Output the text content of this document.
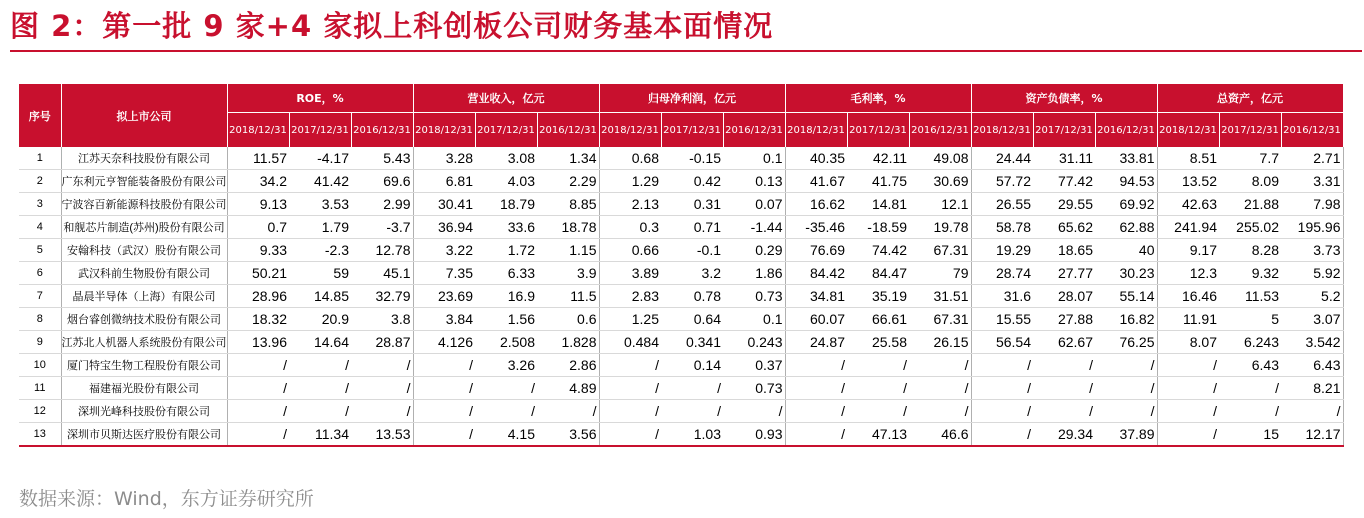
图 2：第一批 9 家+4 家拟上科创板公司财务基本面情况
序号	拟上市公司	ROE，%			营业收入，亿元			归母净利润，亿元			毛利率，%			资产负债率，%			总资产，亿元		
		2018/12/31	2017/12/31	2016/12/31	2018/12/31	2017/12/31	2016/12/31	2018/12/31	2017/12/31	2016/12/31	2018/12/31	2017/12/31	2016/12/31	2018/12/31	2017/12/31	2016/12/31	2018/12/31	2017/12/31	2016/12/31
1	江苏天奈科技股份有限公司	11.57	-4.17	5.43	3.28	3.08	1.34	0.68	-0.15	0.1	40.35	42.11	49.08	24.44	31.11	33.81	8.51	7.7	2.71
2	广东利元亨智能装备股份有限公司	34.2	41.42	69.6	6.81	4.03	2.29	1.29	0.42	0.13	41.67	41.75	30.69	57.72	77.42	94.53	13.52	8.09	3.31
3	宁波容百新能源科技股份有限公司	9.13	3.53	2.99	30.41	18.79	8.85	2.13	0.31	0.07	16.62	14.81	12.1	26.55	29.55	69.92	42.63	21.88	7.98
4	和舰芯片制造(苏州)股份有限公司	0.7	1.79	-3.7	36.94	33.6	18.78	0.3	0.71	-1.44	-35.46	-18.59	19.78	58.78	65.62	62.88	241.94	255.02	195.96
5	安翰科技（武汉）股份有限公司	9.33	-2.3	12.78	3.22	1.72	1.15	0.66	-0.1	0.29	76.69	74.42	67.31	19.29	18.65	40	9.17	8.28	3.73
6	武汉科前生物股份有限公司	50.21	59	45.1	7.35	6.33	3.9	3.89	3.2	1.86	84.42	84.47	79	28.74	27.77	30.23	12.3	9.32	5.92
7	晶晨半导体（上海）有限公司	28.96	14.85	32.79	23.69	16.9	11.5	2.83	0.78	0.73	34.81	35.19	31.51	31.6	28.07	55.14	16.46	11.53	5.2
8	烟台睿创微纳技术股份有限公司	18.32	20.9	3.8	3.84	1.56	0.6	1.25	0.64	0.1	60.07	66.61	67.31	15.55	27.88	16.82	11.91	5	3.07
9	江苏北人机器人系统股份有限公司	13.96	14.64	28.87	4.126	2.508	1.828	0.484	0.341	0.243	24.87	25.58	26.15	56.54	62.67	76.25	8.07	6.243	3.542
10	厦门特宝生物工程股份有限公司	/	/	/	/	3.26	2.86	/	0.14	0.37	/	/	/	/	/	/	/	6.43	6.43
11	福建福光股份有限公司	/	/	/	/	/	4.89	/	/	0.73	/	/	/	/	/	/	/	/	8.21
12	深圳光峰科技股份有限公司	/	/	/	/	/	/	/	/	/	/	/	/	/	/	/	/	/	/
13	深圳市贝斯达医疗股份有限公司	/	11.34	13.53	/	4.15	3.56	/	1.03	0.93	/	47.13	46.6	/	29.34	37.89	/	15	12.17
数据来源：Wind，东方证券研究所
